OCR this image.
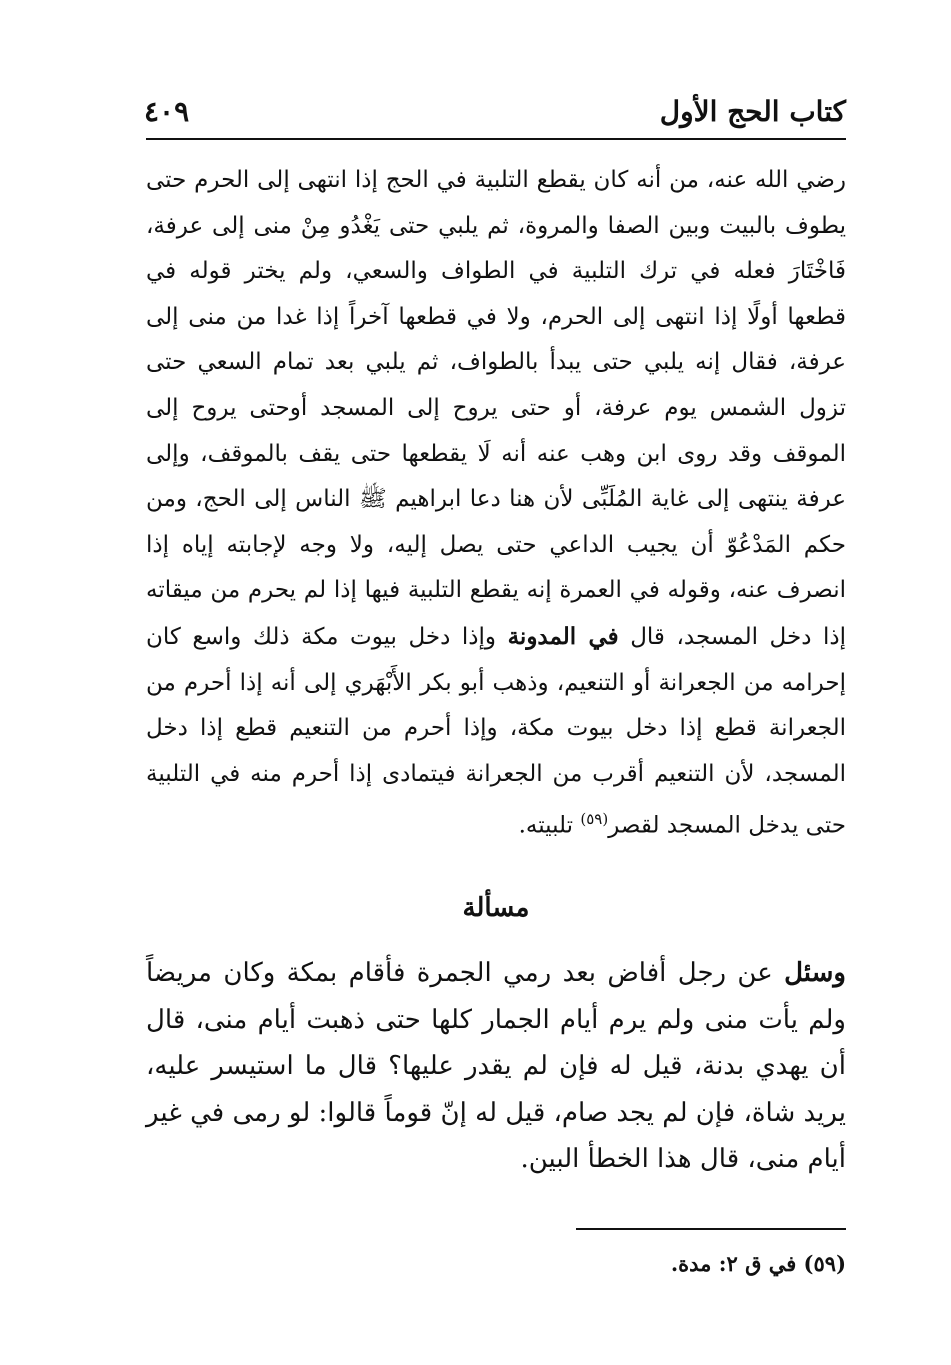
كتاب الحج الأول
٤٠٩

رضي الله عنه، من أنه كان يقطع التلبية في الحج إذا انتهى إلى الحرم حتى يطوف بالبيت وبين الصفا والمروة، ثم يلبي حتى يَغْدُو مِنْ منى إلى عرفة، فَاخْتَارَ فعله في ترك التلبية في الطواف والسعي، ولم يختر قوله في قطعها أولًا إذا انتهى إلى الحرم، ولا في قطعها آخراً إذا غدا من منى إلى عرفة، فقال إنه يلبي حتى يبدأ بالطواف، ثم يلبي بعد تمام السعي حتى تزول الشمس يوم عرفة، أو حتى يروح إلى المسجد أوحتى يروح إلى الموقف وقد روى ابن وهب عنه أنه لَا يقطعها حتى يقف بالموقف، وإلى عرفة ينتهى إلى غاية المُلَبِّى لأن هنا دعا ابراهيم ﷺ الناس إلى الحج، ومن حكم المَدْعُوّ أن يجيب الداعي حتى يصل إليه، ولا وجه لإجابته إياه إذا انصرف عنه، وقوله في العمرة إنه يقطع التلبية فيها إذا لم يحرم من ميقاته إذا دخل المسجد، قال في المدونة وإذا دخل بيوت مكة ذلك واسع كان إحرامه من الجعرانة أو التنعيم، وذهب أبو بكر الأَبْهَري إلى أنه إذا أحرم من الجعرانة قطع إذا دخل بيوت مكة، وإذا أحرم من التنعيم قطع إذا دخل المسجد، لأن التنعيم أقرب من الجعرانة فيتمادى إذا أحرم منه في التلبية حتى يدخل المسجد لقصر$^{(٥٩)}$ تلبيته.

مسألة

وسئل عن رجل أفاض بعد رمي الجمرة فأقام بمكة وكان مريضاً ولم يأت منى ولم يرم أيام الجمار كلها حتى ذهبت أيام منى، قال أن يهدي بدنة، قيل له فإن لم يقدر عليها؟ قال ما استيسر عليه، يريد شاة، فإن لم يجد صام، قيل له إنّ قوماً قالوا: لو رمى في غير أيام منى، قال هذا الخطأ البين.

(٥٩) في ق ٢: مدة.
